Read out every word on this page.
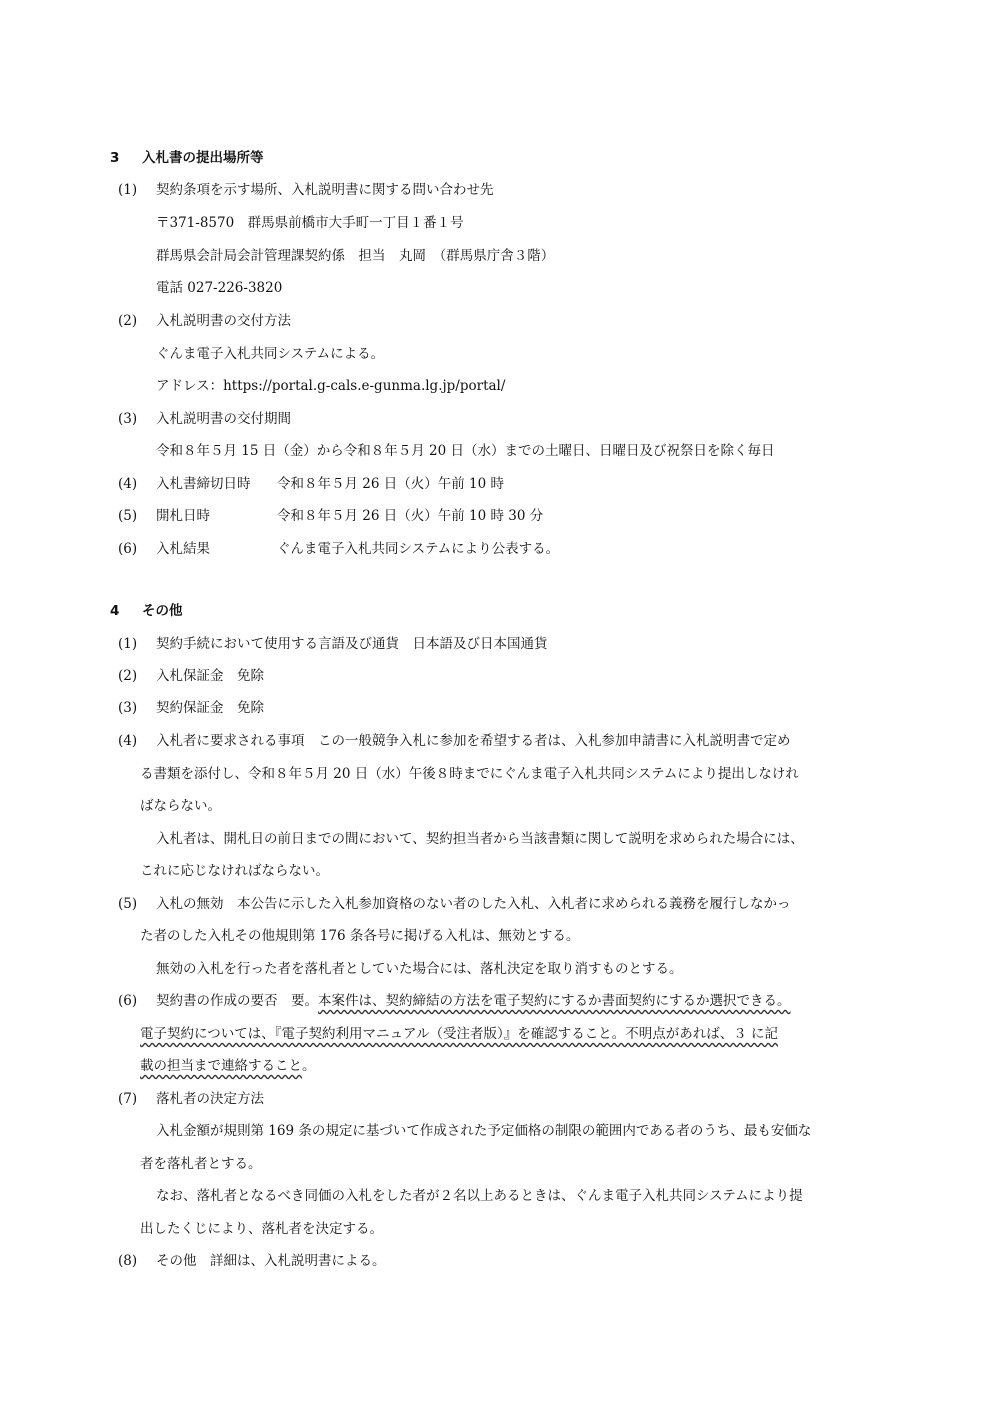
3 入札書の提出場所等
(1) 契約条項を示す場所、入札説明書に関する問い合わせ先
〒371-8570　群馬県前橋市大手町一丁目１番１号
群馬県会計局会計管理課契約係　担当　丸岡　（群馬県庁舎３階）
電話 027-226-3820
(2) 入札説明書の交付方法
ぐんま電子入札共同システムによる。
アドレス：https://portal.g-cals.e-gunma.lg.jp/portal/
(3) 入札説明書の交付期間
令和８年５月 15 日（金）から令和８年５月 20 日（水）までの土曜日、日曜日及び祝祭日を除く毎日
(4) 入札書締切日時 令和８年５月 26 日（火）午前 10 時
(5) 開札日時	令和８年５月 26 日（火）午前 10 時 30 分
(6) 入札結果	ぐんま電子入札共同システムにより公表する。
4 その他
(1) 契約手続において使用する言語及び通貨　日本語及び日本国通貨
(2) 入札保証金　免除
(3) 契約保証金　免除
(4) 入札者に要求される事項　この一般競争入札に参加を希望する者は、入札参加申請書に入札説明書で定め
る書類を添付し、令和８年５月 20 日（水）午後８時までにぐんま電子入札共同システムにより提出しなけれ
ばならない。
入札者は、開札日の前日までの間において、契約担当者から当該書類に関して説明を求められた場合には、
これに応じなければならない。
(5) 入札の無効　本公告に示した入札参加資格のない者のした入札、入札者に求められる義務を履行しなかっ
た者のした入札その他規則第 176 条各号に掲げる入札は、無効とする。
無効の入札を行った者を落札者としていた場合には、落札決定を取り消すものとする。
(6) 契約書の作成の要否　要。本案件は、契約締結の方法を電子契約にするか書面契約にするか選択できる。
電子契約については、『電子契約利用マニュアル（受注者版）』を確認すること。不明点があれば、３ に記
載の担当まで連絡すること。
(7) 落札者の決定方法
入札金額が規則第 169 条の規定に基づいて作成された予定価格の制限の範囲内である者のうち、最も安価な
者を落札者とする。
なお、落札者となるべき同価の入札をした者が２名以上あるときは、ぐんま電子入札共同システムにより提
出したくじにより、落札者を決定する。
(8) その他　詳細は、入札説明書による。
